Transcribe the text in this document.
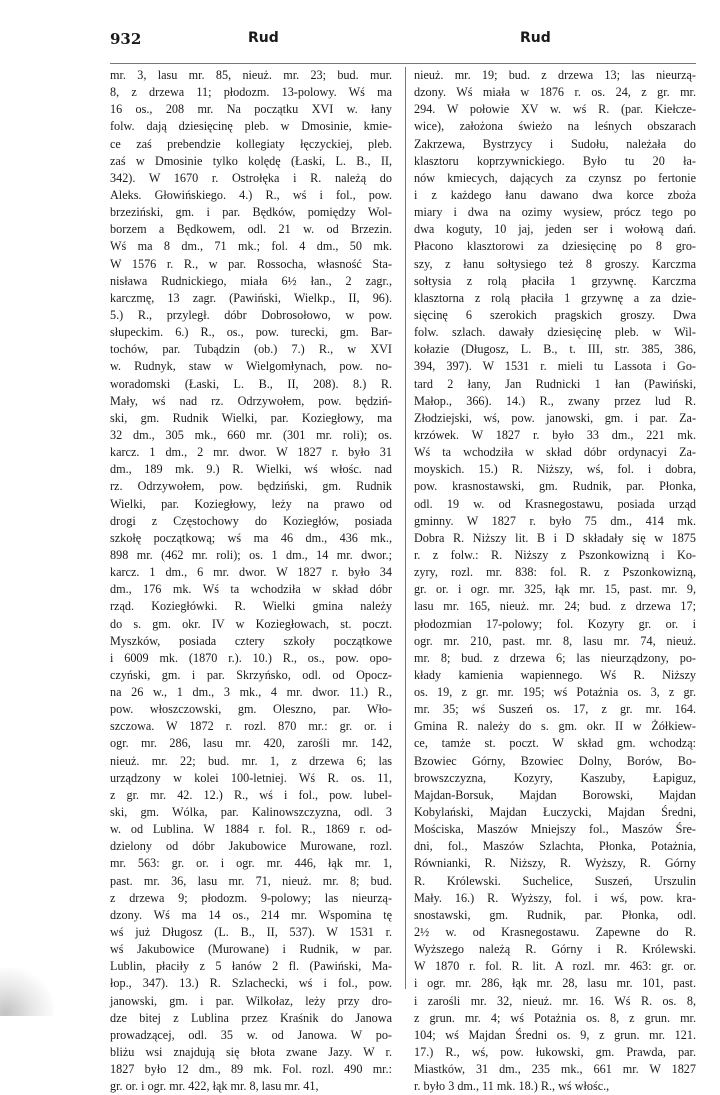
932	Rud	Rud
mr. 3, lasu mr. 85, nieuż. mr. 23; bud. mur.
8, z drzewa 11; płodozm. 13-polowy. Wś ma
16 os., 208 mr. Na początku XVI w. łany
folw. dają dziesięcinę pleb. w Dmosinie, kmie-
ce zaś prebendzie kollegiaty łęczyckiej, pleb.
zaś w Dmosinie tylko kolędę (Łaski, L. B., II,
342). W 1670 r. Ostrołęka i R. należą do
Aleks. Głowińskiego. 4.) R., wś i fol., pow.
brzeziński, gm. i par. Będków, pomiędzy Wol-
borzem a Będkowem, odl. 21 w. od Brzezin.
Wś ma 8 dm., 71 mk.; fol. 4 dm., 50 mk.
W 1576 r. R., w par. Rossocha, własność Sta-
nisława Rudnickiego, miała 6½ łan., 2 zagr.,
karczmę, 13 zagr. (Pawiński, Wielkp., II, 96).
5.) R., przyległ. dóbr Dobrosołowo, w pow.
słupeckim. 6.) R., os., pow. turecki, gm. Bar-
tochów, par. Tubądzin (ob.) 7.) R., w XVI
w. Rudnyk, staw w Wielgomłynach, pow. no-
woradomski (Łaski, L. B., II, 208). 8.) R.
Mały, wś nad rz. Odrzywołem, pow. będziń-
ski, gm. Rudnik Wielki, par. Koziegłowy, ma
32 dm., 305 mk., 660 mr. (301 mr. roli); os.
karcz. 1 dm., 2 mr. dwor. W 1827 r. było 31
dm., 189 mk. 9.) R. Wielki, wś włośc. nad
rz. Odrzywołem, pow. będziński, gm. Rudnik
Wielki, par. Koziegłowy, leży na prawo od
drogi z Częstochowy do Koziegłów, posiada
szkołę początkową; wś ma 46 dm., 436 mk.,
898 mr. (462 mr. roli); os. 1 dm., 14 mr. dwor.;
karcz. 1 dm., 6 mr. dwor. W 1827 r. było 34
dm., 176 mk. Wś ta wchodziła w skład dóbr
rząd. Koziegłówki. R. Wielki gmina należy
do s. gm. okr. IV w Koziegłowach, st. poczt.
Myszków, posiada cztery szkoły początkowe
i 6009 mk. (1870 r.). 10.) R., os., pow. opo-
czyński, gm. i par. Skrzyńsko, odl. od Opocz-
na 26 w., 1 dm., 3 mk., 4 mr. dwor. 11.) R.,
pow. włoszczowski, gm. Oleszno, par. Wło-
szczowa. W 1872 r. rozl. 870 mr.: gr. or. i
ogr. mr. 286, lasu mr. 420, zarośli mr. 142,
nieuż. mr. 22; bud. mr. 1, z drzewa 6; las
urządzony w kolei 100-letniej. Wś R. os. 11,
z gr. mr. 42. 12.) R., wś i fol., pow. lubel-
ski, gm. Wólka, par. Kalinowszczyzna, odl. 3
w. od Lublina. W 1884 r. fol. R., 1869 r. od-
dzielony od dóbr Jakubowice Murowane, rozl.
mr. 563: gr. or. i ogr. mr. 446, łąk mr. 1,
past. mr. 36, lasu mr. 71, nieuż. mr. 8; bud.
z drzewa 9; płodozm. 9-polowy; las nieurzą-
dzony. Wś ma 14 os., 214 mr. Wspomina tę
wś już Długosz (L. B., II, 537). W 1531 r.
wś Jakubowice (Murowane) i Rudnik, w par.
Lublin, płaciły z 5 łanów 2 fl. (Pawiński, Ma-
łop., 347). 13.) R. Szlachecki, wś i fol., pow.
janowski, gm. i par. Wilkołaz, leży przy dro-
dze bitej z Lublina przez Kraśnik do Janowa
prowadzącej, odl. 35 w. od Janowa. W po-
bliżu wsi znajdują się błota zwane Jazy. W r.
1827 było 12 dm., 89 mk. Fol. rozl. 490 mr.:
gr. or. i ogr. mr. 422, łąk mr. 8, lasu mr. 41,
nieuż. mr. 19; bud. z drzewa 13; las nieurzą-
dzony. Wś miała w 1876 r. os. 24, z gr. mr.
294. W połowie XV w. wś R. (par. Kiełcze-
wice), założona świeżo na leśnych obszarach
Zakrzewa, Bystrzycy i Sudołu, należała do
klasztoru koprzywnickiego. Było tu 20 ła-
nów kmiecych, dających za czynsz po fertonie
i z każdego łanu dawano dwa korce zboża
miary i dwa na ozimy wysiew, prócz tego po
dwa koguty, 10 jaj, jeden ser i wołową dań.
Płacono klasztorowi za dziesięcinę po 8 gro-
szy, z łanu sołtysiego też 8 groszy. Karczma
sołtysia z rolą płaciła 1 grzywnę. Karczma
klasztorna z rolą płaciła 1 grzywnę a za dzie-
sięcinę 6 szerokich pragskich groszy. Dwa
folw. szlach. dawały dziesięcinę pleb. w Wil-
kołazie (Długosz, L. B., t. III, str. 385, 386,
394, 397). W 1531 r. mieli tu Lassota i Go-
tard 2 łany, Jan Rudnicki 1 łan (Pawiński,
Małop., 366). 14.) R., zwany przez lud R.
Złodziejski, wś, pow. janowski, gm. i par. Za-
krzówek. W 1827 r. było 33 dm., 221 mk.
Wś ta wchodziła w skład dóbr ordynacyi Za-
moyskich. 15.) R. Niższy, wś, fol. i dobra,
pow. krasnostawski, gm. Rudnik, par. Płonka,
odl. 19 w. od Krasnegostawu, posiada urząd
gminny. W 1827 r. było 75 dm., 414 mk.
Dobra R. Niższy lit. B i D składały się w 1875
r. z folw.: R. Niższy z Pszonkowizną i Ko-
zyry, rozl. mr. 838: fol. R. z Pszonkowizną,
gr. or. i ogr. mr. 325, łąk mr. 15, past. mr. 9,
lasu mr. 165, nieuż. mr. 24; bud. z drzewa 17;
płodozmian 17-polowy; fol. Kozyry gr. or. i
ogr. mr. 210, past. mr. 8, lasu mr. 74, nieuż.
mr. 8; bud. z drzewa 6; las nieurządzony, po-
kłady kamienia wapiennego. Wś R. Niższy
os. 19, z gr. mr. 195; wś Potażnia os. 3, z gr.
mr. 35; wś Suszeń os. 17, z gr. mr. 164.
Gmina R. należy do s. gm. okr. II w Żółkiew-
ce, tamże st. poczt. W skład gm. wchodzą:
Bzowiec Górny, Bzowiec Dolny, Borów, Bo-
browszczyzna, Kozyry, Kaszuby, Łapiguz,
Majdan-Borsuk, Majdan Borowski, Majdan
Kobylański, Majdan Łuczycki, Majdan Średni,
Mościska, Maszów Mniejszy fol., Maszów Śre-
dni, fol., Maszów Szlachta, Płonka, Potażnia,
Równianki, R. Niższy, R. Wyższy, R. Górny
R. Królewski. Suchelice, Suszeń, Urszulin
Mały. 16.) R. Wyższy, fol. i wś, pow. kra-
snostawski, gm. Rudnik, par. Płonka, odl.
2½ w. od Krasnegostawu. Zapewne do R.
Wyższego należą R. Górny i R. Królewski.
W 1870 r. fol. R. lit. A rozl. mr. 463: gr. or.
i ogr. mr. 286, łąk mr. 28, lasu mr. 101, past.
i zarośli mr. 32, nieuż. mr. 16. Wś R. os. 8,
z grun. mr. 4; wś Potażnia os. 8, z grun. mr.
104; wś Majdan Średni os. 9, z grun. mr. 121.
17.) R., wś, pow. łukowski, gm. Prawda, par.
Miastków, 31 dm., 235 mk., 661 mr. W 1827
r. było 3 dm., 11 mk. 18.) R., wś włośc.,
